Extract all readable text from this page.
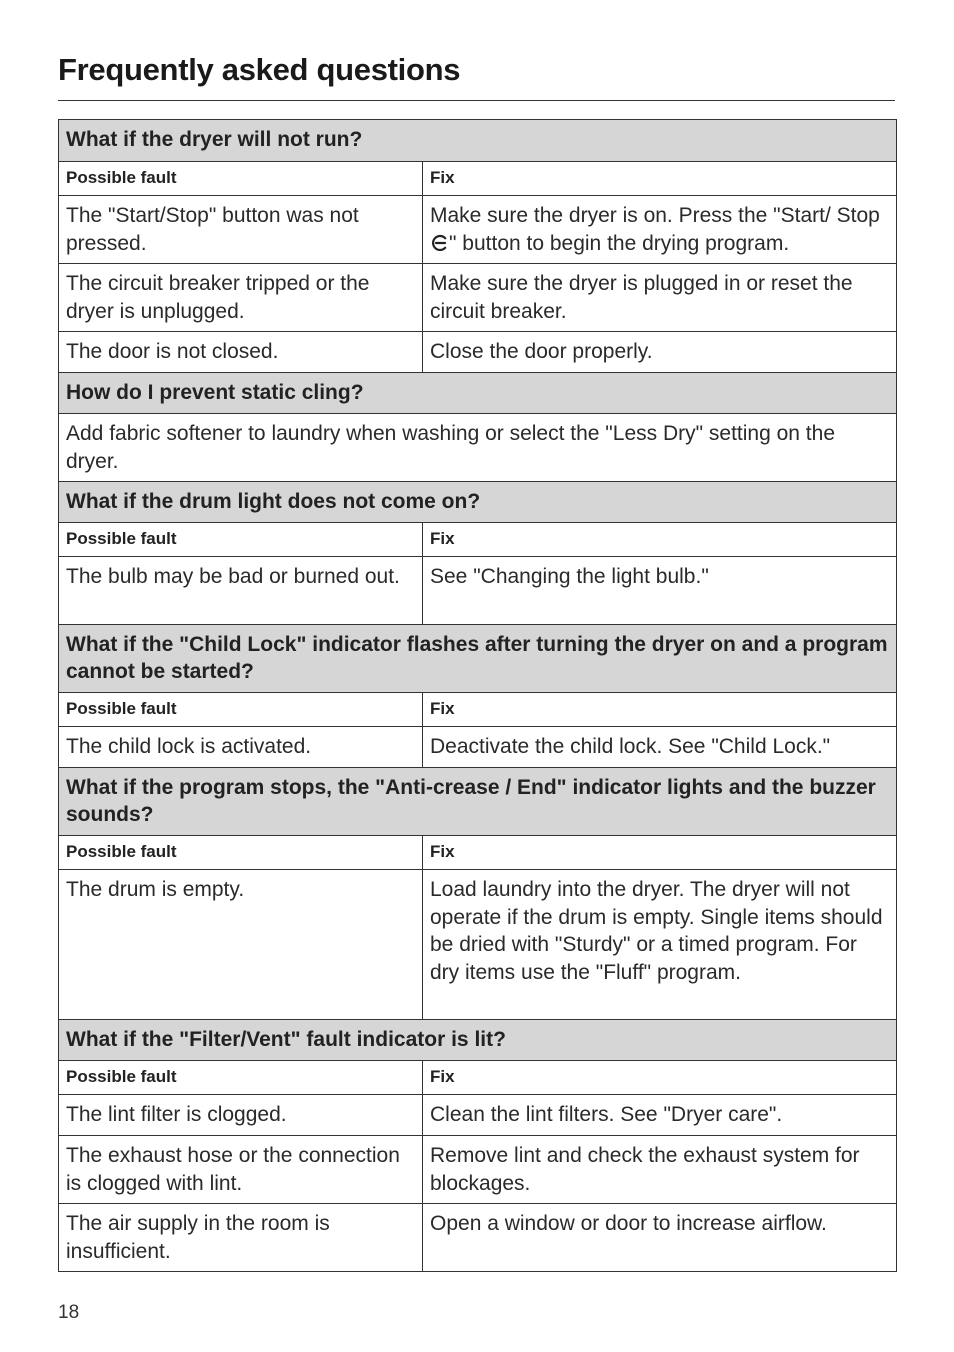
Frequently asked questions
What if the dryer will not run?	
Possible fault	Fix
The "Start/Stop" button was not pressed.	Make sure the dryer is on. Press the "Start/ Stop " button to begin the drying program.
The circuit breaker tripped or the dryer is unplugged.	Make sure the dryer is plugged in or reset the circuit breaker.
The door is not closed.	Close the door properly.
How do I prevent static cling?	
Add fabric softener to laundry when washing or select the "Less Dry" setting on the dryer.	
What if the drum light does not come on?	
Possible fault	Fix
The bulb may be bad or burned out.	See "Changing the light bulb."
What if the "Child Lock" indicator flashes after turning the dryer on and a program cannot be started?	
Possible fault	Fix
The child lock is activated.	Deactivate the child lock. See "Child Lock."
What if the program stops, the "Anti-crease / End" indicator lights and the buzzer sounds?	
Possible fault	Fix
The drum is empty.	Load laundry into the dryer. The dryer will not operate if the drum is empty. Single items should be dried with "Sturdy" or a timed program. For dry items use the "Fluff" program.
What if the "Filter/Vent" fault indicator is lit?	
Possible fault	Fix
The lint filter is clogged.	Clean the lint filters. See "Dryer care".
The exhaust hose or the connection is clogged with lint.	Remove lint and check the exhaust system for blockages.
The air supply in the room is insufficient.	Open a window or door to increase airflow.
18
